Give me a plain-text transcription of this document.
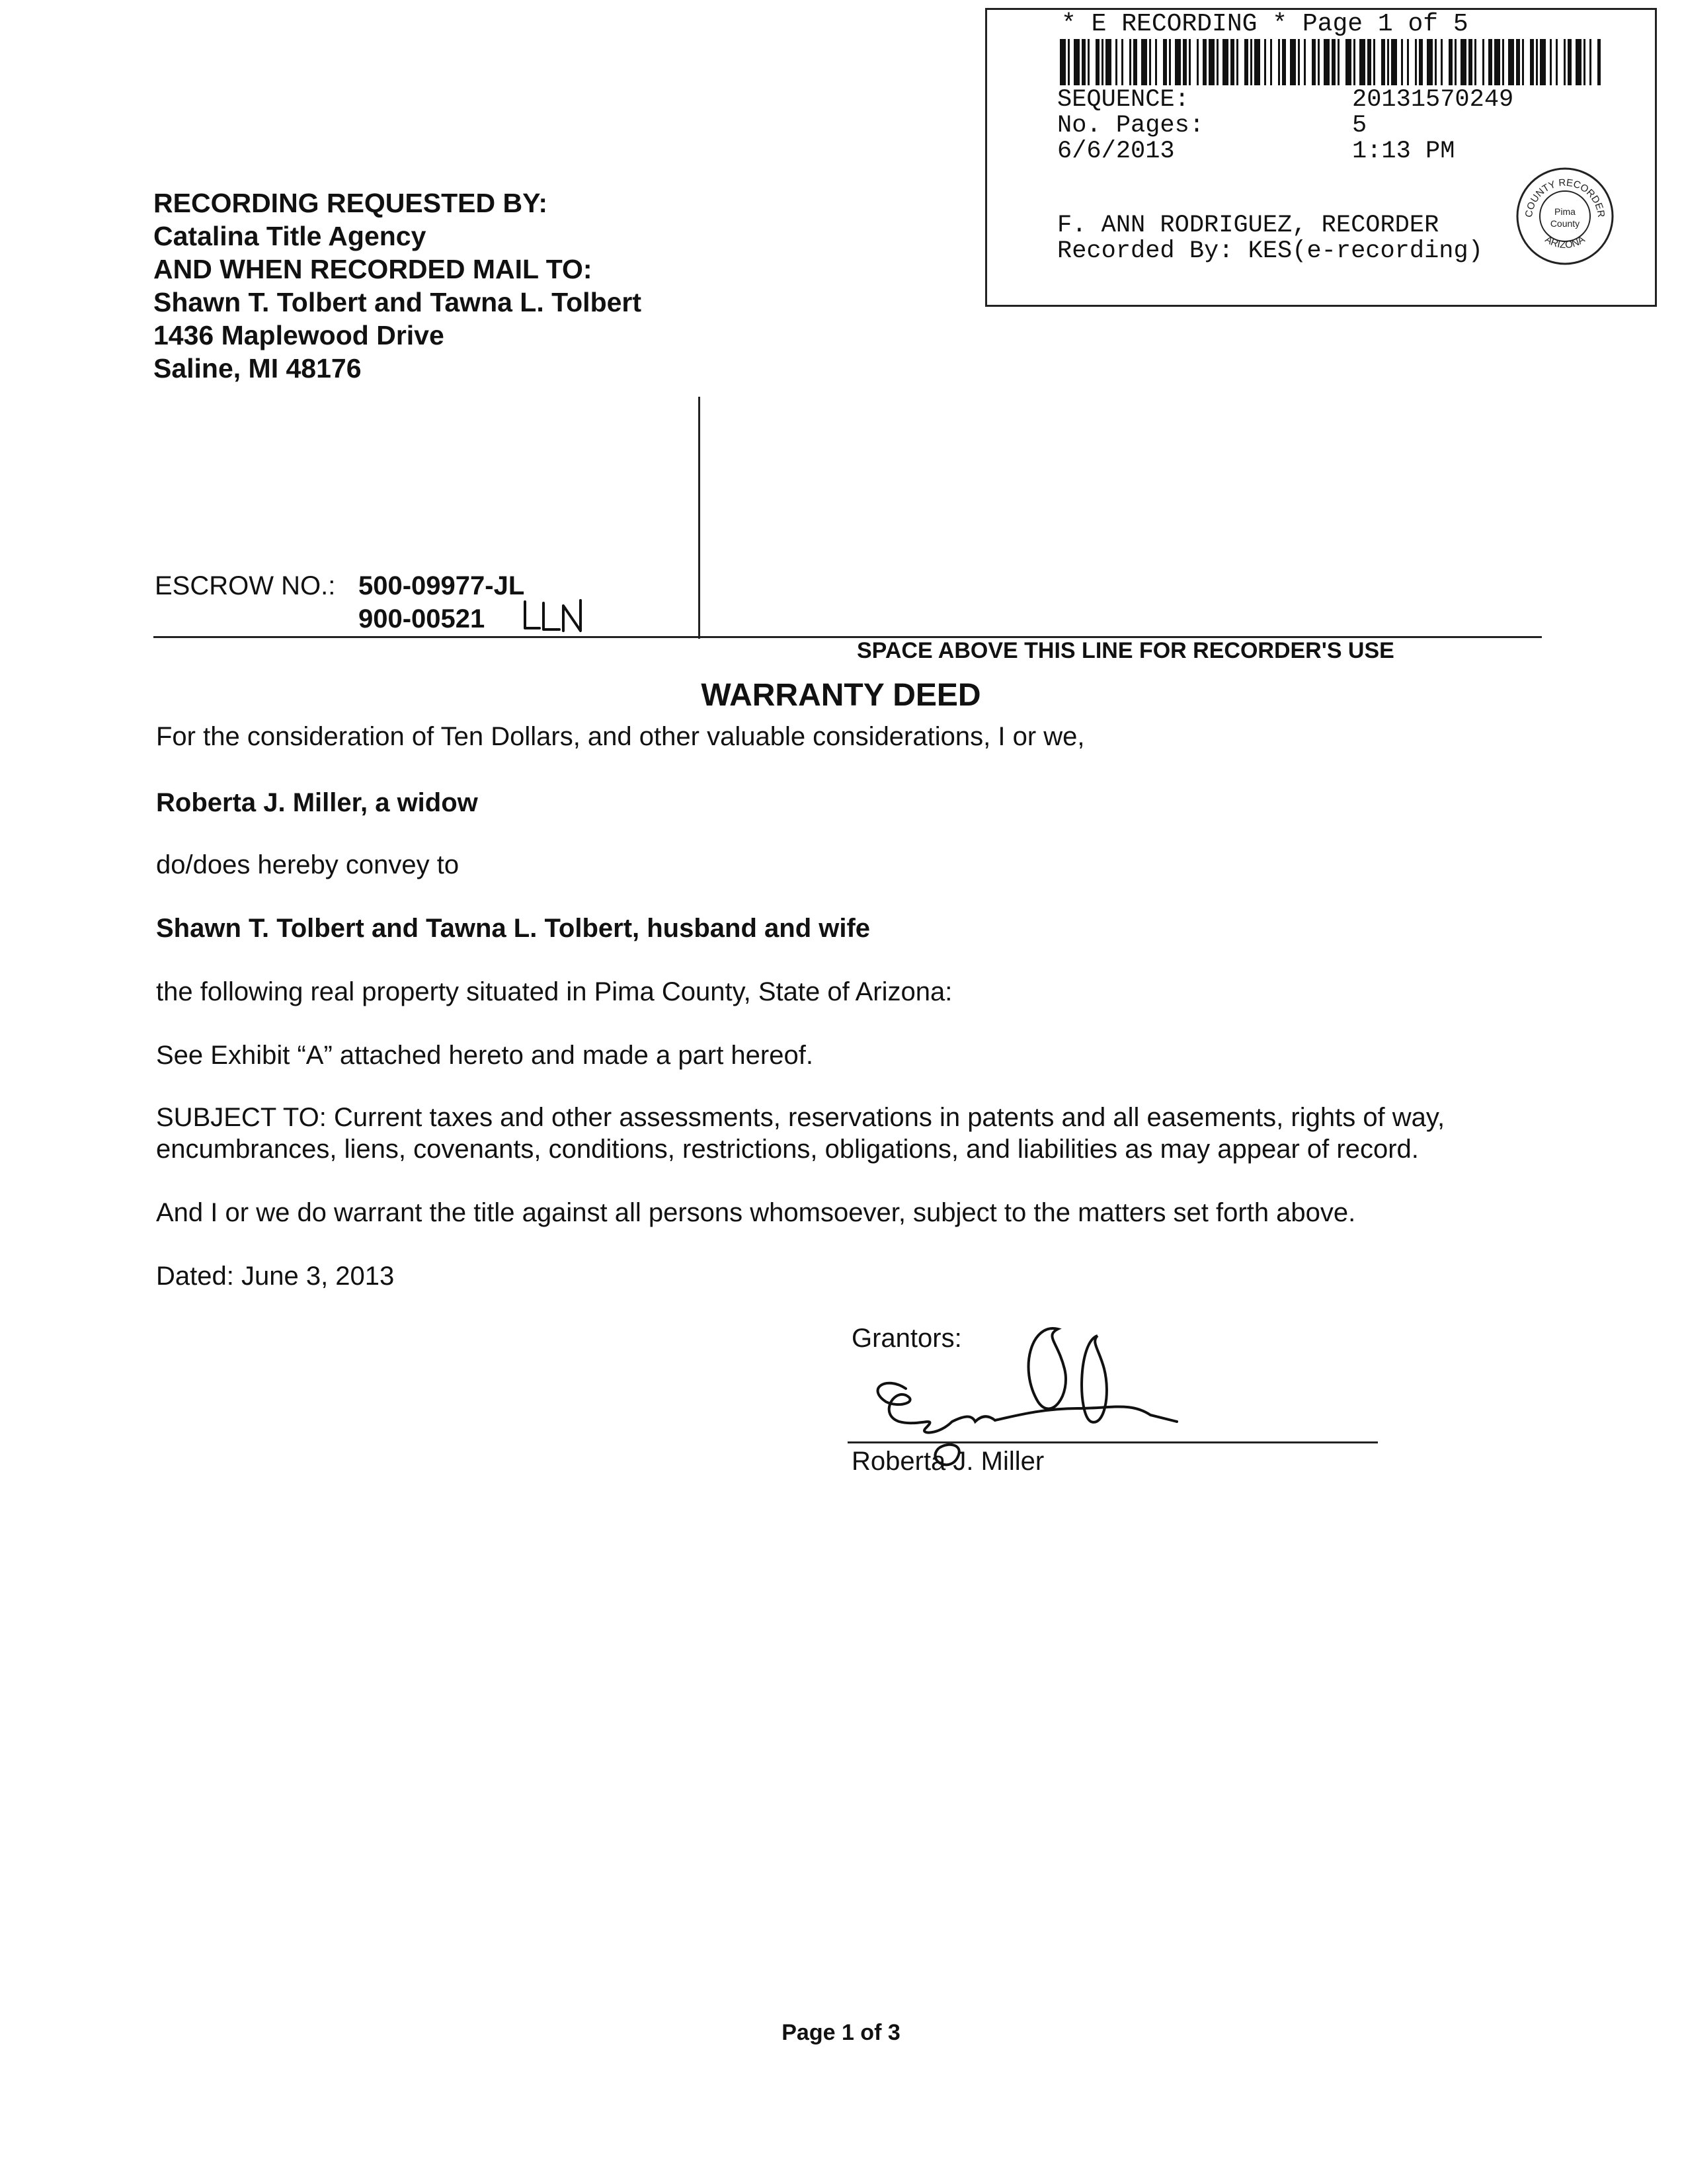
* E RECORDING * Page 1 of 5
SEQUENCE:	20131570249
No. Pages:	5
6/6/2013	1:13 PM
F. ANN RODRIGUEZ, RECORDER
Recorded By: KES(e-recording)
COUNTY RECORDER
ARIZONA
Pima
County
RECORDING REQUESTED BY:
Catalina Title Agency
AND WHEN RECORDED MAIL TO:
Shawn T. Tolbert and Tawna L. Tolbert
1436 Maplewood Drive
Saline, MI 48176
ESCROW NO.: 500-09977-JL
900-00521
SPACE ABOVE THIS LINE FOR RECORDER'S USE
WARRANTY DEED
For the consideration of Ten Dollars, and other valuable considerations, I or we,
Roberta J. Miller, a widow
do/does hereby convey to
Shawn T. Tolbert and Tawna L. Tolbert, husband and wife
the following real property situated in Pima County, State of Arizona:
See Exhibit “A” attached hereto and made a part hereof.
SUBJECT TO: Current taxes and other assessments, reservations in patents and all easements, rights of way,
encumbrances, liens, covenants, conditions, restrictions, obligations, and liabilities as may appear of record.
And I or we do warrant the title against all persons whomsoever, subject to the matters set forth above.
Dated: June 3, 2013
Grantors:
Roberta J. Miller
Page 1 of 3
